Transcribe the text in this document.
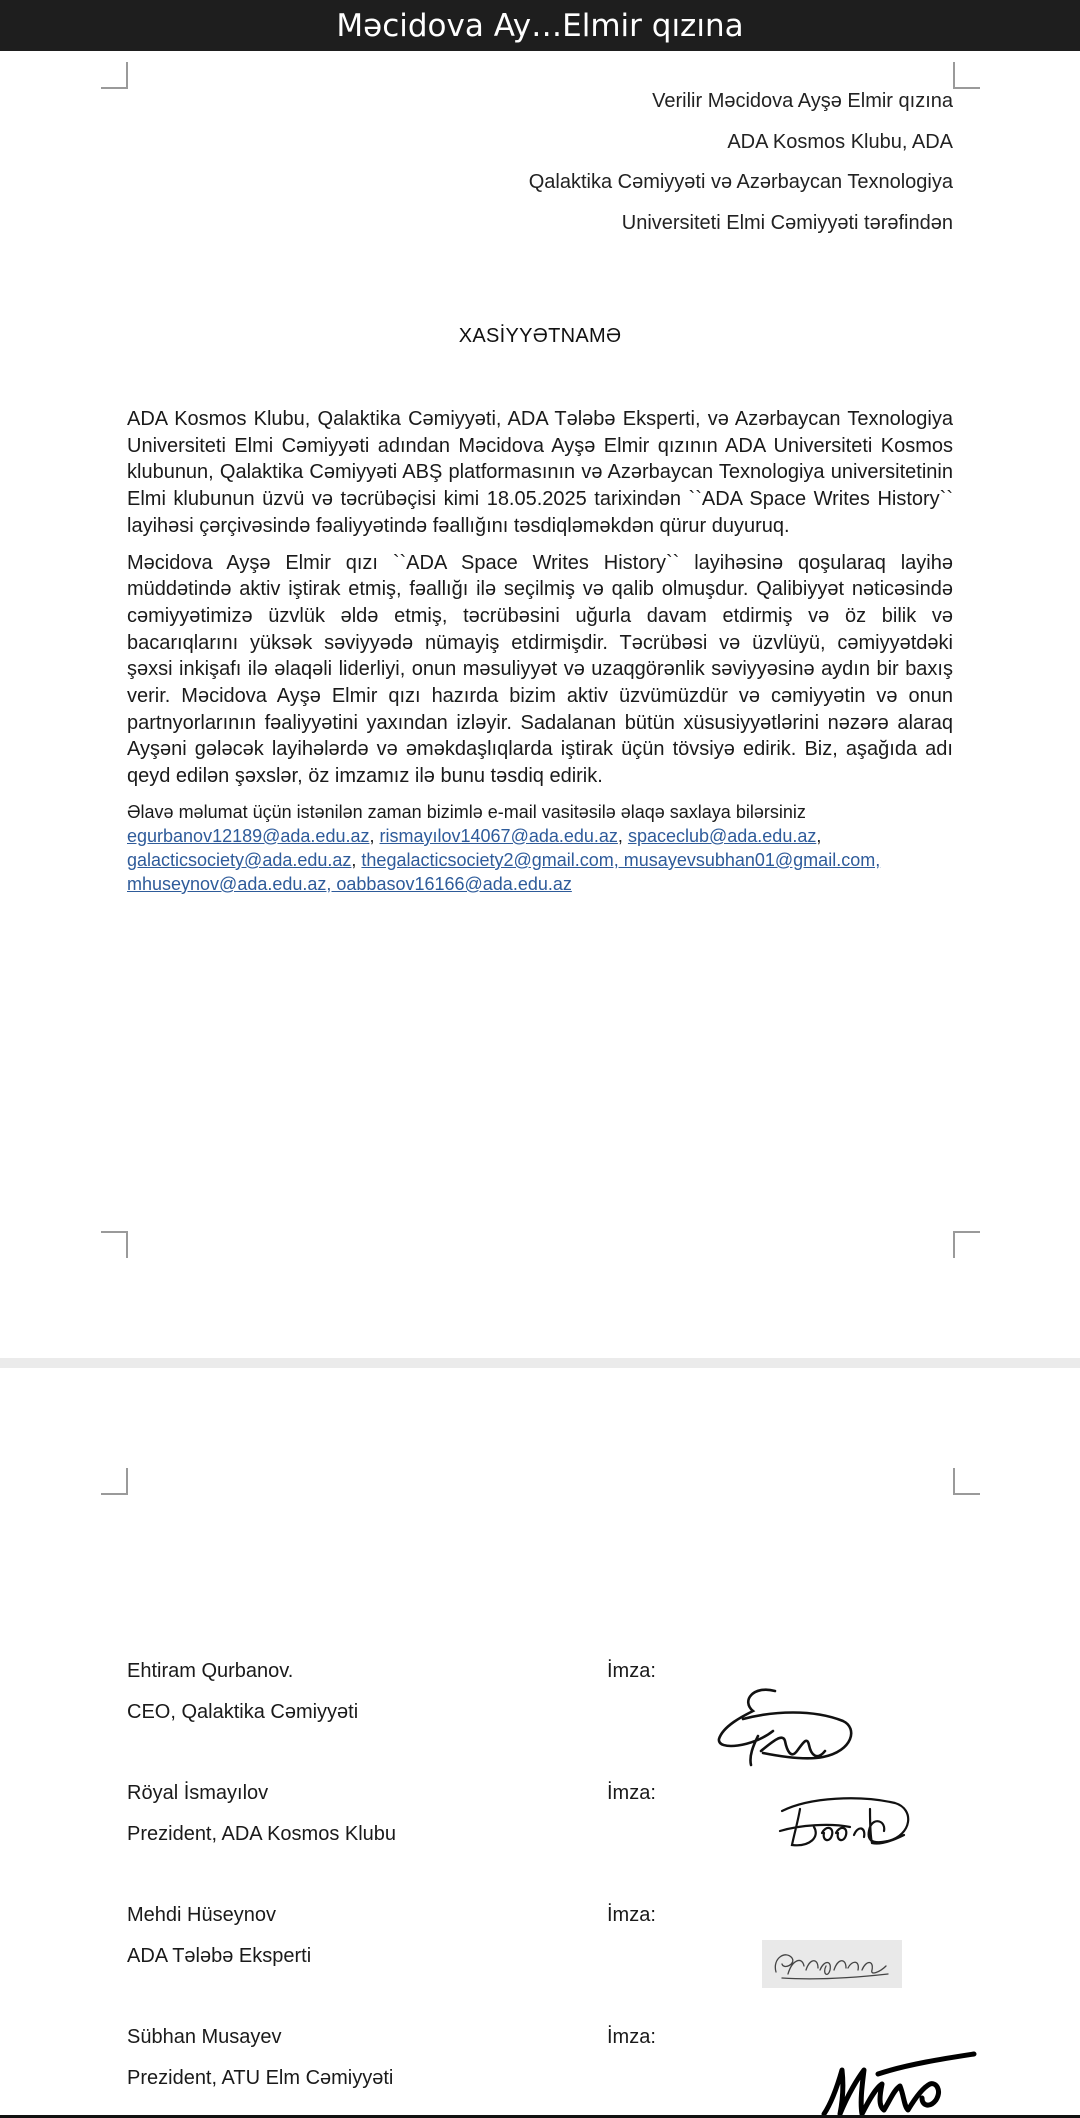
Məcidova Ay…Elmir qızına
Verilir Məcidova Ayşə Elmir qızına
ADA Kosmos Klubu, ADA
Qalaktika Cəmiyyəti və Azərbaycan Texnologiya
Universiteti Elmi Cəmiyyəti tərəfindən
XASİYYƏTNAMƏ

ADA Kosmos Klubu, Qalaktika Cəmiyyəti, ADA Tələbə Eksperti, və Azərbaycan Texnologiya Universiteti Elmi Cəmiyyəti adından Məcidova Ayşə Elmir qızının ADA Universiteti Kosmos klubunun, Qalaktika Cəmiyyəti ABŞ platformasının və Azərbaycan Texnologiya universitetinin Elmi klubunun üzvü və təcrübəçisi kimi 18.05.2025 tarixindən ``ADA Space Writes History`` layihəsi çərçivəsində fəaliyyətində fəallığını təsdiqləməkdən qürur duyuruq.

Məcidova Ayşə Elmir qızı ``ADA Space Writes History`` layihəsinə qoşularaq layihə müddətində aktiv iştirak etmiş, fəallığı ilə seçilmiş və qalib olmuşdur. Qalibiyyət nəticəsində cəmiyyətimizə üzvlük əldə etmiş, təcrübəsini uğurla davam etdirmiş və öz bilik və bacarıqlarını yüksək səviyyədə nümayiş etdirmişdir. Təcrübəsi və üzvlüyü, cəmiyyətdəki şəxsi inkişafı ilə əlaqəli liderliyi, onun məsuliyyət və uzaqgörənlik səviyyəsinə aydın bir baxış verir. Məcidova Ayşə Elmir qızı hazırda bizim aktiv üzvümüzdür və cəmiyyətin və onun partnyorlarının fəaliyyətini yaxından izləyir. Sadalanan bütün xüsusiyyətlərini nəzərə alaraq Ayşəni gələcək layihələrdə və əməkdaşlıqlarda iştirak üçün tövsiyə edirik. Biz, aşağıda adı qeyd edilən şəxslər, öz imzamız ilə bunu təsdiq edirik.

Əlavə məlumat üçün istənilən zaman bizimlə e-mail vasitəsilə əlaqə saxlaya bilərsiniz
egurbanov12189@ada.edu.az, rismayılov14067@ada.edu.az, spaceclub@ada.edu.az,
galacticsociety@ada.edu.az, thegalacticsociety2@gmail.com, musayevsubhan01@gmail.com,
mhuseynov@ada.edu.az, oabbasov16166@ada.edu.az

Ehtiram Qurbanov.
CEO, Qalaktika Cəmiyyəti
İmza:
Röyal İsmayılov
Prezident, ADA Kosmos Klubu
İmza:
Mehdi Hüseynov
ADA Tələbə Eksperti
İmza:
Sübhan Musayev
Prezident, ATU Elm Cəmiyyəti
İmza:
